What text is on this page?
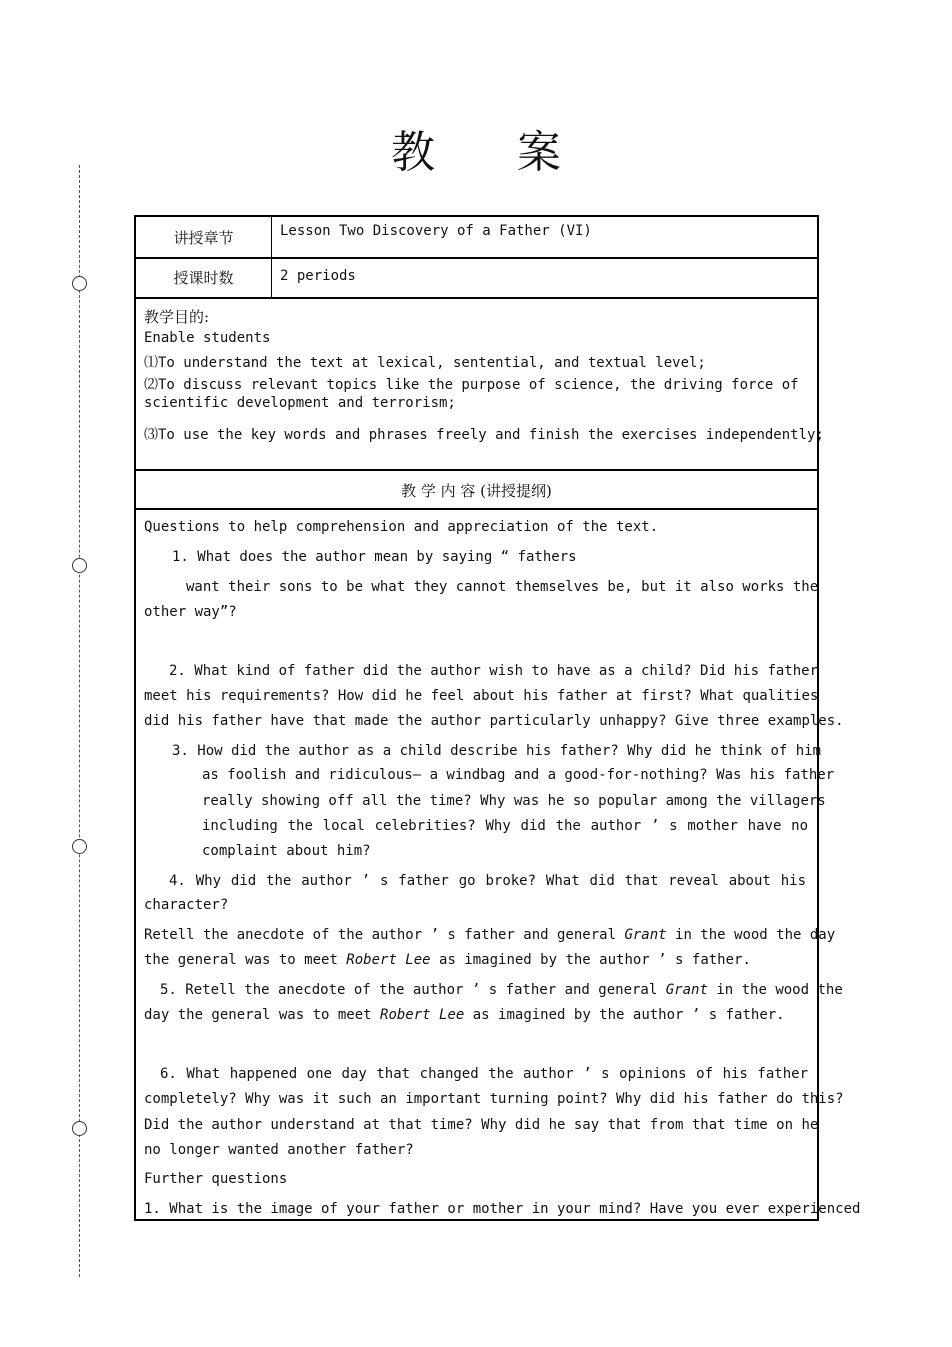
教 案
讲授章节	Lesson Two Discovery of a Father (VI)
授课时数	2 periods
教学目的:
Enable students
⑴To understand the text at lexical, sentential, and textual level;
⑵To discuss relevant topics like the purpose of science, the driving force of
scientific development and terrorism;
⑶To use the key words and phrases freely and finish the exercises independently;
教 学 内 容 (讲授提纲)
Questions to help comprehension and appreciation of the text.
1. What does the author mean by saying “ fathers
want their sons to be what they cannot themselves be, but it also works the
other way”?
2. What kind of father did the author wish to have as a child? Did his father
meet his requirements? How did he feel about his father at first? What qualities
did his father have that made the author particularly unhappy? Give three examples.
3. How did the author as a child describe his father? Why did he think of him
as foolish and ridiculous— a windbag and a good-for-nothing? Was his father
really showing off all the time? Why was he so popular among the villagers
including the local celebrities? Why did the author ’ s mother have no
complaint about him?
4. Why did the author ’ s father go broke? What did that reveal about his
character?
Retell the anecdote of the author ’ s father and general Grant in the wood the day
the general was to meet Robert Lee as imagined by the author ’ s father.
5. Retell the anecdote of the author ’ s father and general Grant in the wood the
day the general was to meet Robert Lee as imagined by the author ’ s father.
6. What happened one day that changed the author ’ s opinions of his father
completely? Why was it such an important turning point? Why did his father do this?
Did the author understand at that time? Why did he say that from that time on he
no longer wanted another father?
Further questions
1. What is the image of your father or mother in your mind? Have you ever experienced
